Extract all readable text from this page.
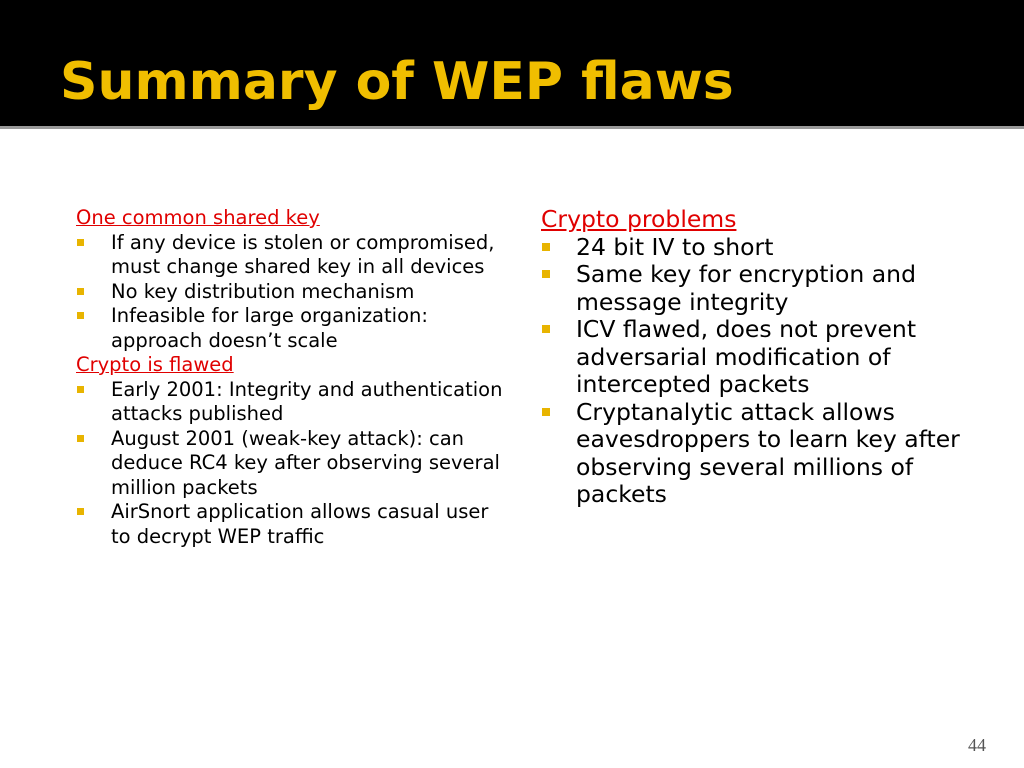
Summary of WEP flaws
One common shared key
If any device is stolen or compromised, must change shared key in all devices
No key distribution mechanism
Infeasible for large organization: approach doesn’t scale
Crypto is flawed
Early 2001: Integrity and authentication attacks published
August 2001 (weak-key attack): can deduce RC4 key after observing several million packets
AirSnort application allows casual user to decrypt WEP traffic
Crypto problems
24 bit IV to short
Same key for encryption and message integrity
ICV flawed, does not prevent adversarial modification of intercepted packets
Cryptanalytic attack allows eavesdroppers to learn key after observing several millions of packets
44
